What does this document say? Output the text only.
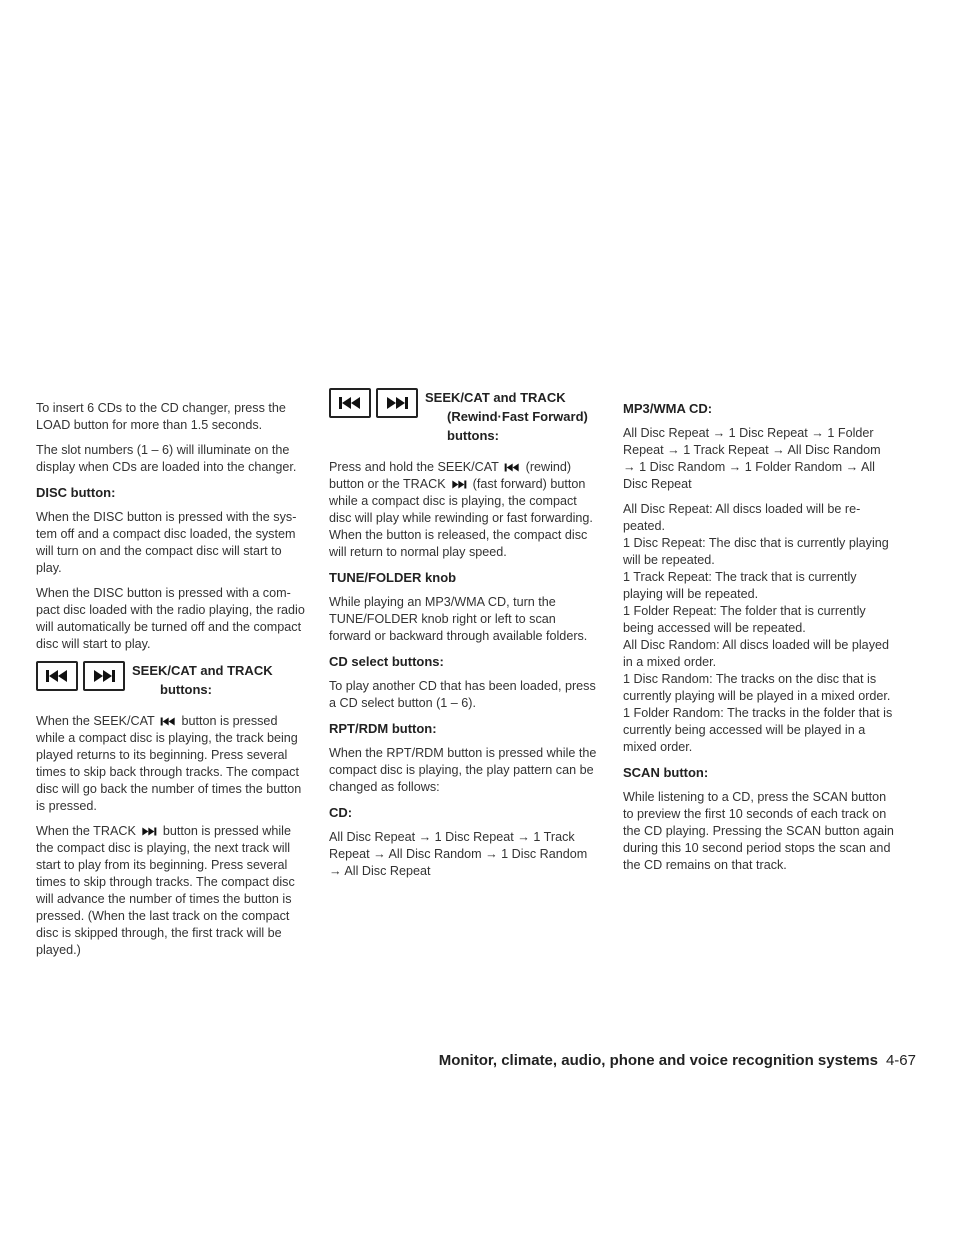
To insert 6 CDs to the CD changer, press the LOAD button for more than 1.5 seconds.

The slot numbers (1 – 6) will illuminate on the display when CDs are loaded into the changer.

DISC button:

When the DISC button is pressed with the sys- tem off and a compact disc loaded, the system will turn on and the compact disc will start to play.

When the DISC button is pressed with a com- pact disc loaded with the radio playing, the radio will automatically be turned off and the compact disc will start to play.

SEEK/CAT and TRACK
buttons:

When the SEEK/CAT button is pressed while a compact disc is playing, the track being played returns to its beginning. Press several times to skip back through tracks. The compact disc will go back the number of times the button is pressed.

When the TRACK button is pressed while the compact disc is playing, the next track will start to play from its beginning. Press several times to skip through tracks. The compact disc will advance the number of times the button is pressed. (When the last track on the compact disc is skipped through, the first track will be played.)

SEEK/CAT and TRACK
(Rewind·Fast Forward)
buttons:

Press and hold the SEEK/CAT (rewind) button or the TRACK (fast forward) button while a compact disc is playing, the compact disc will play while rewinding or fast forwarding. When the button is released, the compact disc will return to normal play speed.

TUNE/FOLDER knob

While playing an MP3/WMA CD, turn the TUNE/FOLDER knob right or left to scan forward or backward through available folders.

CD select buttons:

To play another CD that has been loaded, press a CD select button (1 – 6).

RPT/RDM button:

When the RPT/RDM button is pressed while the compact disc is playing, the play pattern can be changed as follows:

CD:

All Disc Repeat → 1 Disc Repeat → 1 Track Repeat → All Disc Random → 1 Disc Random → All Disc Repeat

MP3/WMA CD:

All Disc Repeat → 1 Disc Repeat → 1 Folder Repeat → 1 Track Repeat → All Disc Random → 1 Disc Random → 1 Folder Random → All Disc Repeat

All Disc Repeat: All discs loaded will be re- peated.

1 Disc Repeat: The disc that is currently playing will be repeated.

1 Track Repeat: The track that is currently playing will be repeated.

1 Folder Repeat: The folder that is currently being accessed will be repeated.

All Disc Random: All discs loaded will be played in a mixed order.

1 Disc Random: The tracks on the disc that is currently playing will be played in a mixed order.

1 Folder Random: The tracks in the folder that is currently being accessed will be played in a mixed order.

SCAN button:

While listening to a CD, press the SCAN button to preview the first 10 seconds of each track on the CD playing. Pressing the SCAN button again during this 10 second period stops the scan and the CD remains on that track.

Monitor, climate, audio, phone and voice recognition systems 4-67
